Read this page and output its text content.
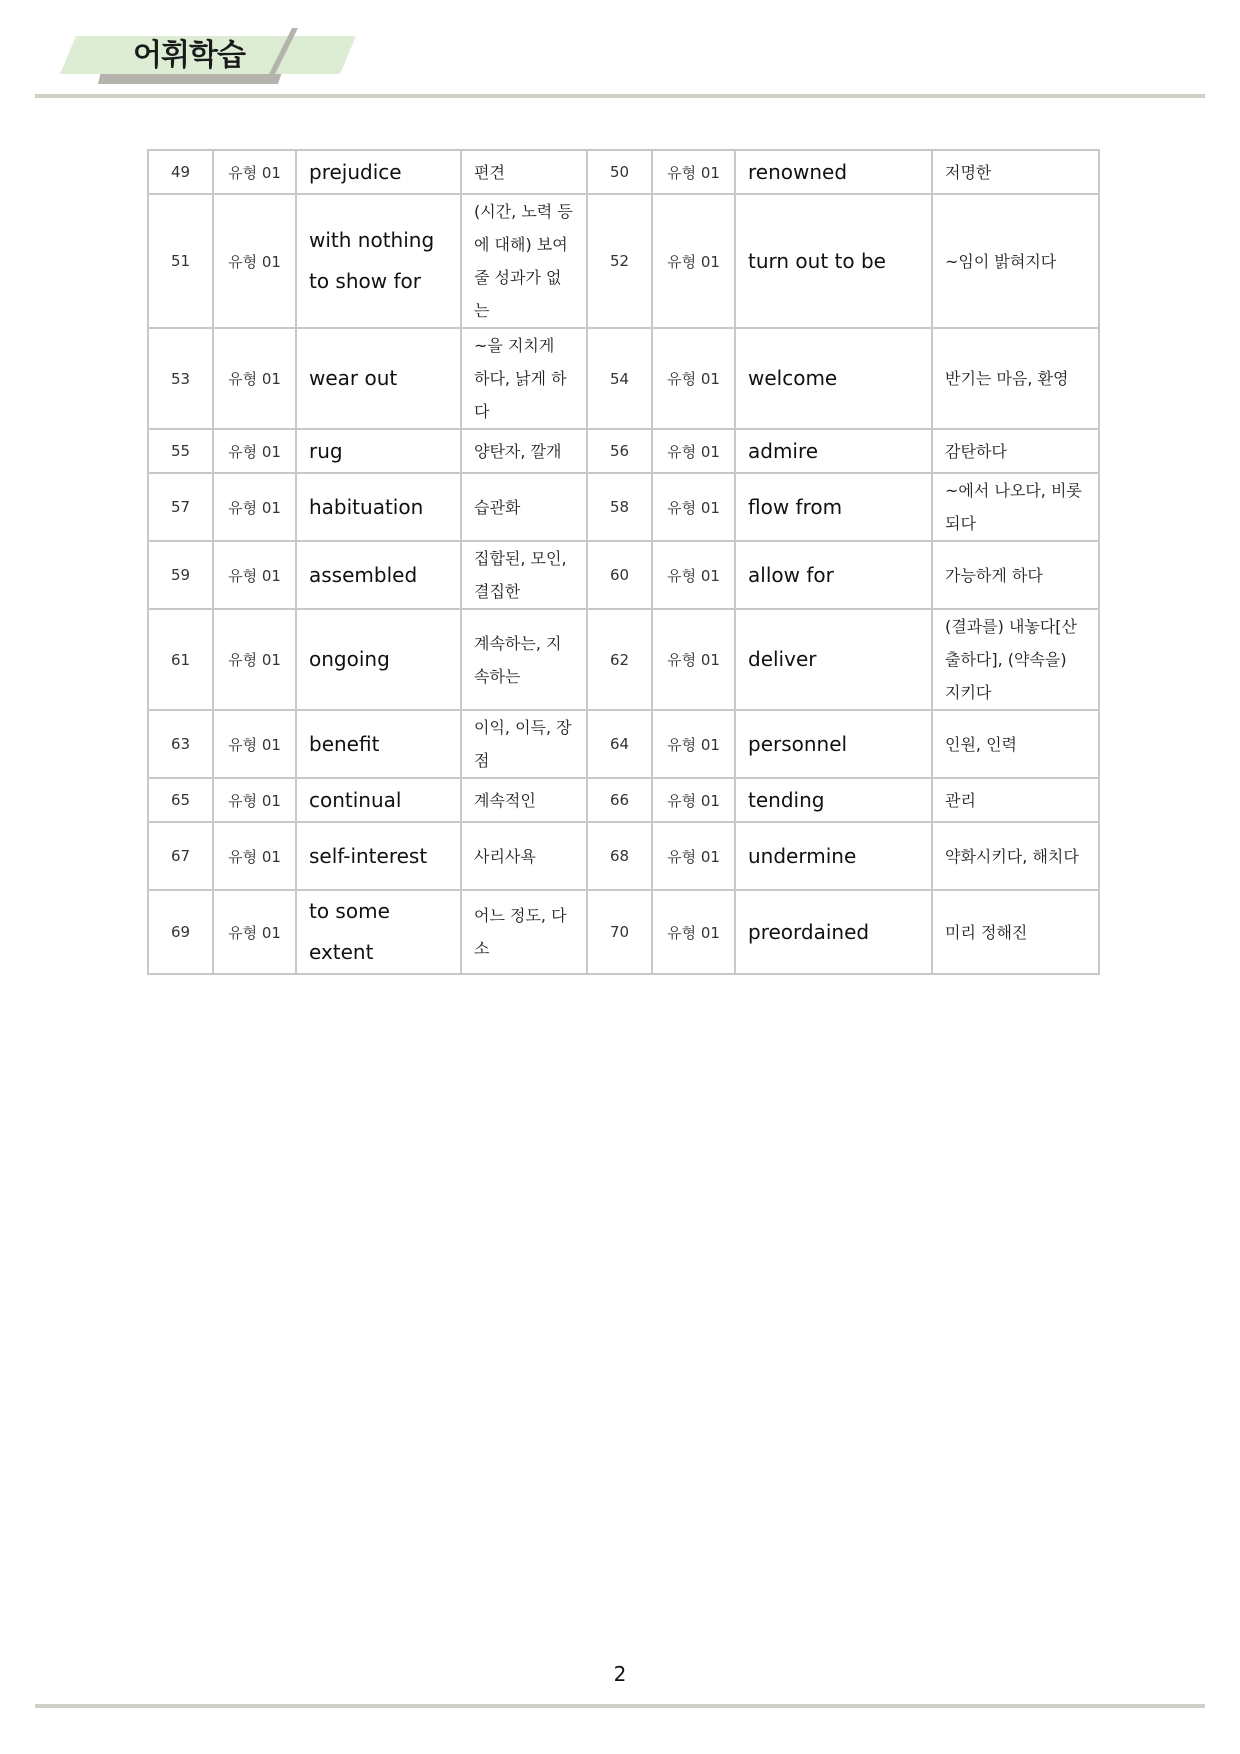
어휘학습
49	유형 01	prejudice	편견	50	유형 01	renowned	저명한
51	유형 01	with nothing to show for	(시간, 노력 등에 대해) 보여줄 성과가 없는	52	유형 01	turn out to be	~임이 밝혀지다
53	유형 01	wear out	~을 지치게 하다, 낡게 하다	54	유형 01	welcome	반기는 마음, 환영
55	유형 01	rug	양탄자, 깔개	56	유형 01	admire	감탄하다
57	유형 01	habituation	습관화	58	유형 01	flow from	~에서 나오다, 비롯되다
59	유형 01	assembled	집합된, 모인, 결집한	60	유형 01	allow for	가능하게 하다
61	유형 01	ongoing	계속하는, 지속하는	62	유형 01	deliver	(결과를) 내놓다[산출하다], (약속을) 지키다
63	유형 01	benefit	이익, 이득, 장점	64	유형 01	personnel	인원, 인력
65	유형 01	continual	계속적인	66	유형 01	tending	관리
67	유형 01	self-interest	사리사욕	68	유형 01	undermine	약화시키다, 해치다
69	유형 01	to some extent	어느 정도, 다소	70	유형 01	preordained	미리 정해진
2
